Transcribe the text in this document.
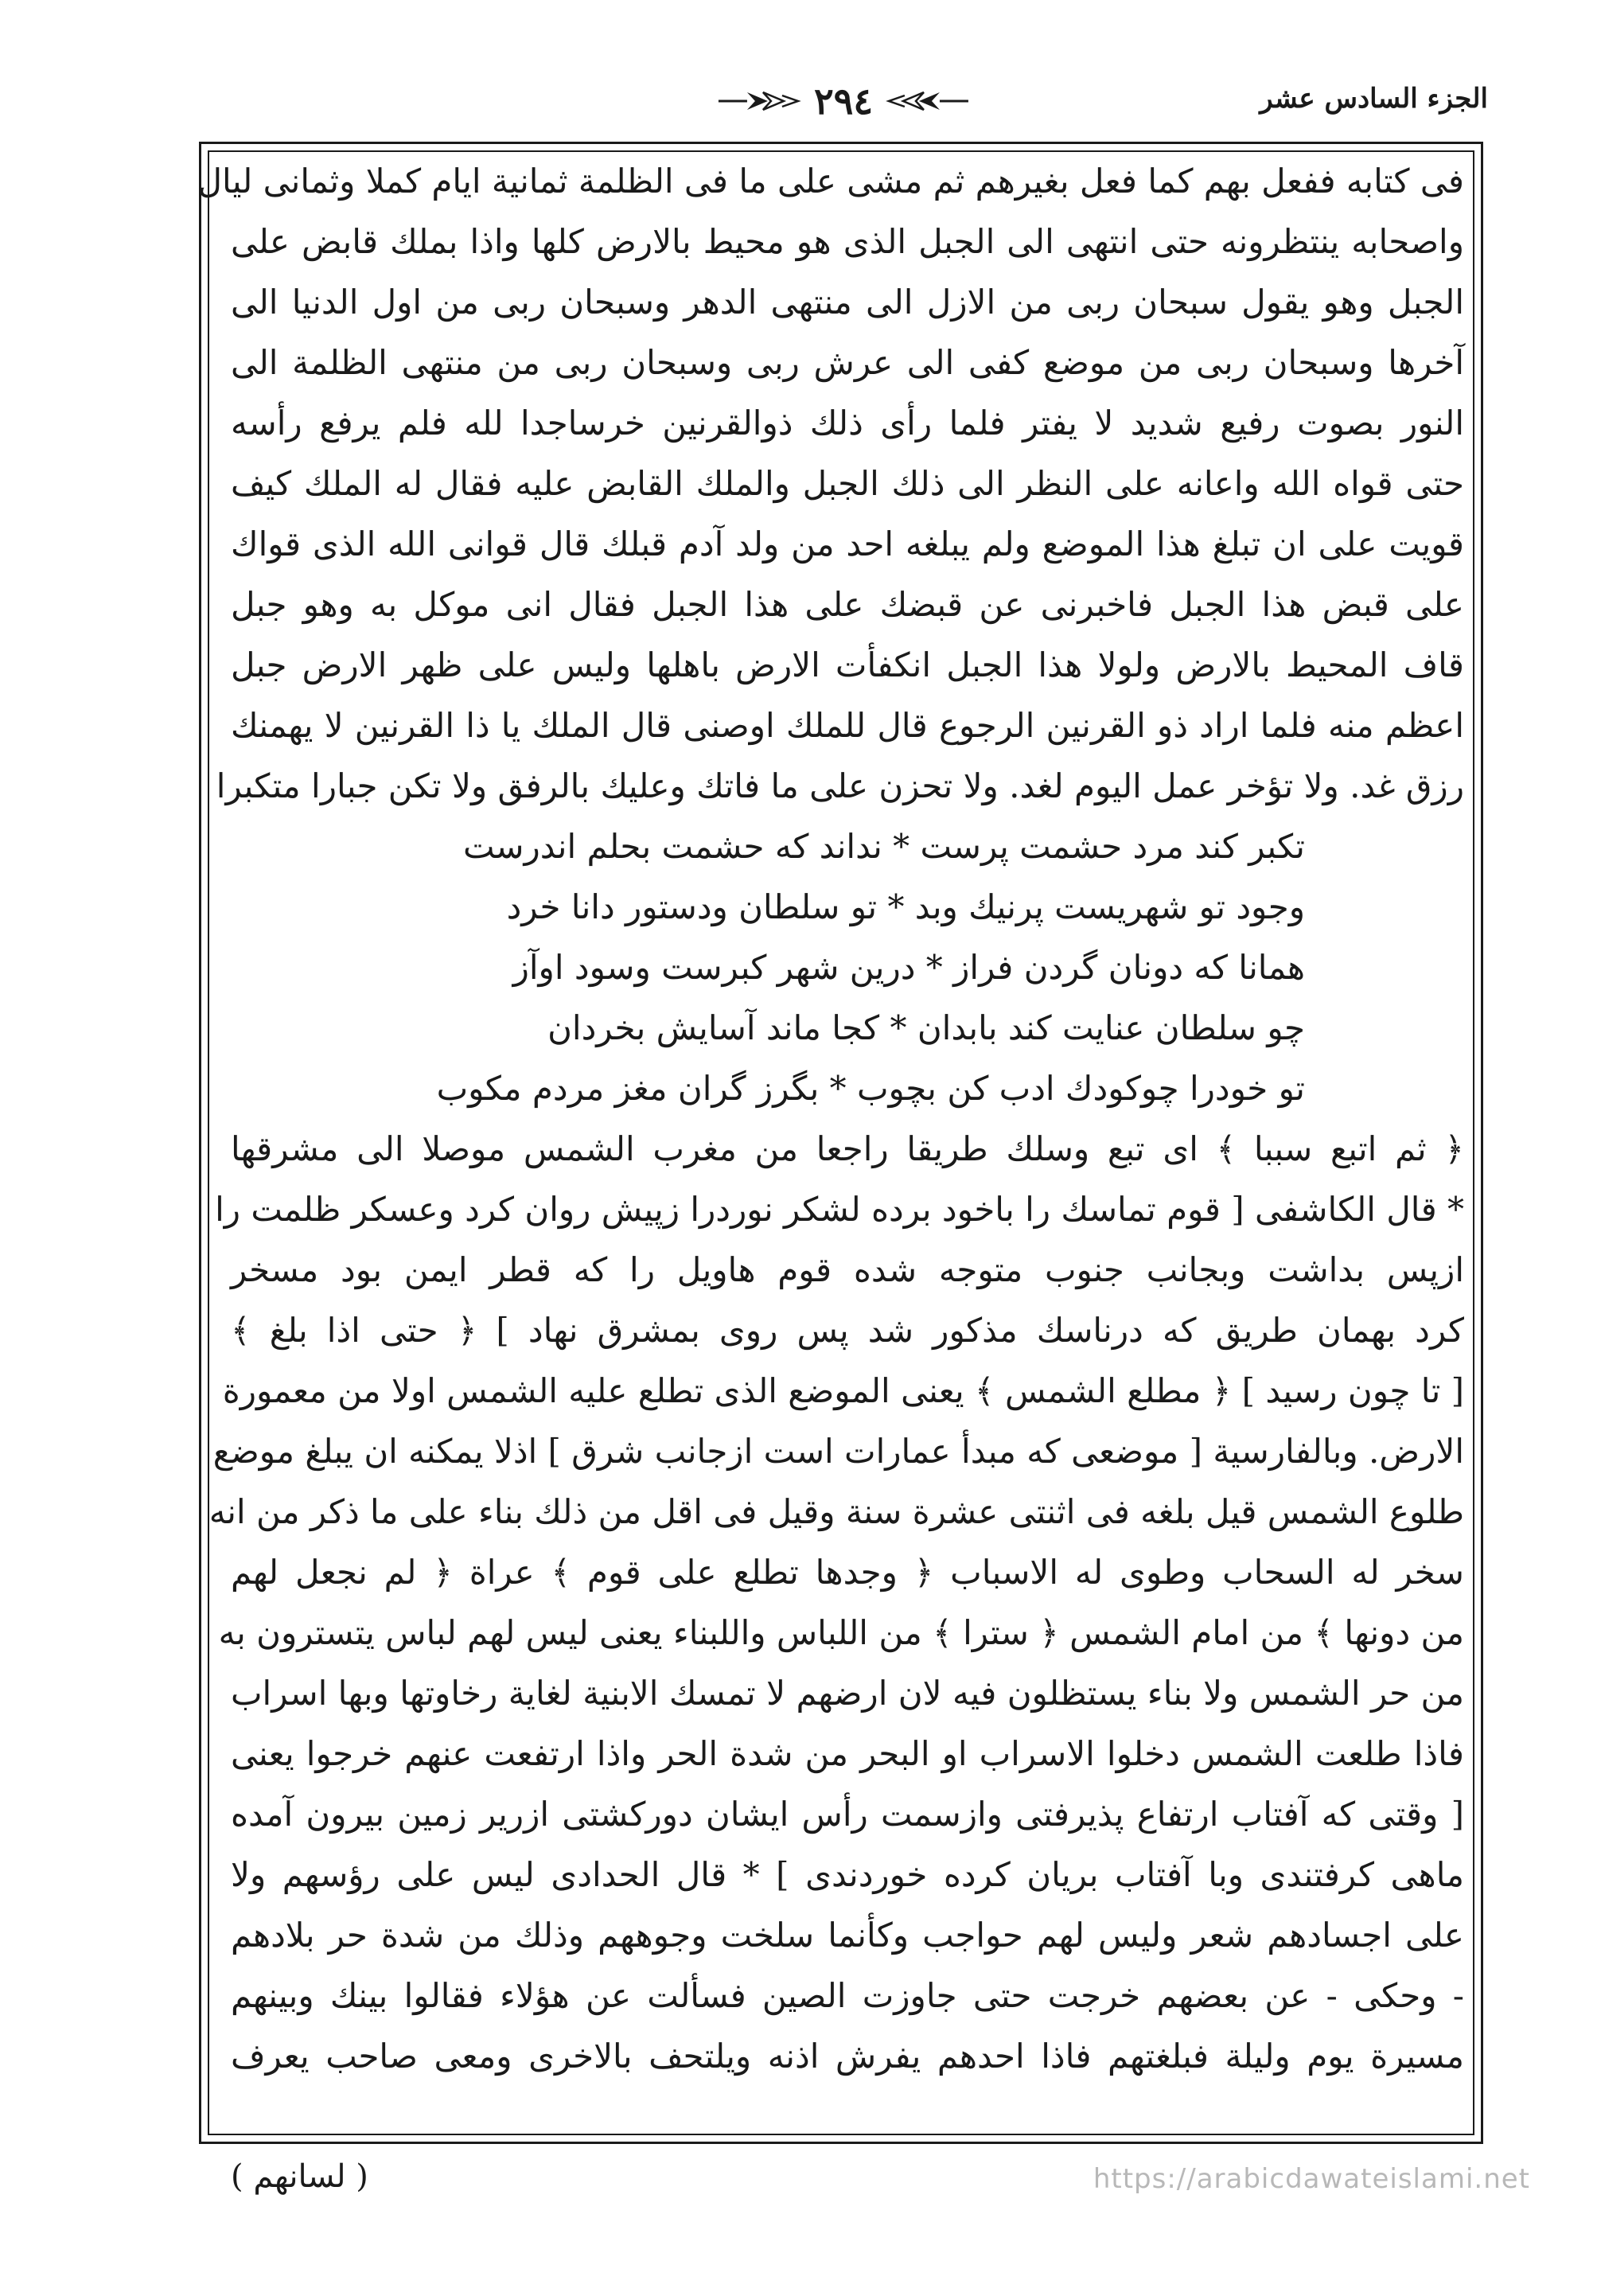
الجزء السادس عشر
٢٩٤
فى كتابه ففعل بهم كما فعل بغيرهم ثم مشى على ما فى الظلمة ثمانية ايام كملا وثمانى ليال
واصحابه ينتظرونه حتى انتهى الى الجبل الذى هو محيط بالارض كلها واذا بملك قابض على
الجبل وهو يقول سبحان ربى من الازل الى منتهى الدهر وسبحان ربى من اول الدنيا الى
آخرها وسبحان ربى من موضع كفى الى عرش ربى وسبحان ربى من منتهى الظلمة الى
النور بصوت رفيع شديد لا يفتر فلما رأى ذلك ذوالقرنين خرساجدا لله فلم يرفع رأسه
حتى قواه الله واعانه على النظر الى ذلك الجبل والملك القابض عليه فقال له الملك كيف
قويت على ان تبلغ هذا الموضع ولم يبلغه احد من ولد آدم قبلك قال قوانى الله الذى قواك
على قبض هذا الجبل فاخبرنى عن قبضك على هذا الجبل فقال انى موكل به وهو جبل
قاف المحيط بالارض ولولا هذا الجبل انكفأت الارض باهلها وليس على ظهر الارض جبل
اعظم منه فلما اراد ذو القرنين الرجوع قال للملك اوصنى قال الملك يا ذا القرنين لا يهمنك
رزق غد. ولا تؤخر عمل اليوم لغد. ولا تحزن على ما فاتك وعليك بالرفق ولا تكن جبارا متكبرا
تكبر كند مرد حشمت پرست * نداند كه حشمت بحلم اندرست
وجود تو شهريست پرنيك وبد * تو سلطان ودستور دانا خرد
همانا كه دونان گردن فراز * درين شهر كبرست وسود اوآز
چو سلطان عنايت كند بابدان * كجا ماند آسايش بخردان
تو خودرا چوكودك ادب كن بچوب * بگرز گران مغز مردم مكوب
﴿ ثم اتبع سببا ﴾ اى تبع وسلك طريقا راجعا من مغرب الشمس موصلا الى مشرقها
* قال الكاشفى [ قوم تماسك را باخود برده لشكر نوردرا زپيش روان كرد وعسكر ظلمت را
ازپس بداشت وبجانب جنوب متوجه شده قوم هاويل را كه قطر ايمن بود مسخر
كرد بهمان طريق كه درناسك مذكور شد پس روى بمشرق نهاد ] ﴿ حتى اذا بلغ ﴾
[ تا چون رسيد ] ﴿ مطلع الشمس ﴾ يعنى الموضع الذى تطلع عليه الشمس اولا من معمورة
الارض. وبالفارسية [ موضعى كه مبدأ عمارات است ازجانب شرق ] اذلا يمكنه ان يبلغ موضع
طلوع الشمس قيل بلغه فى اثنتى عشرة سنة وقيل فى اقل من ذلك بناء على ما ذكر من انه
سخر له السحاب وطوى له الاسباب ﴿ وجدها تطلع على قوم ﴾ عراة ﴿ لم نجعل لهم
من دونها ﴾ من امام الشمس ﴿ سترا ﴾ من اللباس واللبناء يعنى ليس لهم لباس يتسترون به
من حر الشمس ولا بناء يستظلون فيه لان ارضهم لا تمسك الابنية لغاية رخاوتها وبها اسراب
فاذا طلعت الشمس دخلوا الاسراب او البحر من شدة الحر واذا ارتفعت عنهم خرجوا يعنى
[ وقتى كه آفتاب ارتفاع پذيرفتى وازسمت رأس ايشان دوركشتى ازرير زمين بيرون آمده
ماهى كرفتندى وبا آفتاب بريان كرده خوردندى ] * قال الحدادى ليس على رؤسهم ولا
على اجسادهم شعر وليس لهم حواجب وكأنما سلخت وجوههم وذلك من شدة حر بلادهم
- وحكى - عن بعضهم خرجت حتى جاوزت الصين فسألت عن هؤلاء فقالوا بينك وبينهم
مسيرة يوم وليلة فبلغتهم فاذا احدهم يفرش اذنه ويلتحف بالاخرى ومعى صاحب يعرف
( لسانهم )	https://arabicdawateislami.net
